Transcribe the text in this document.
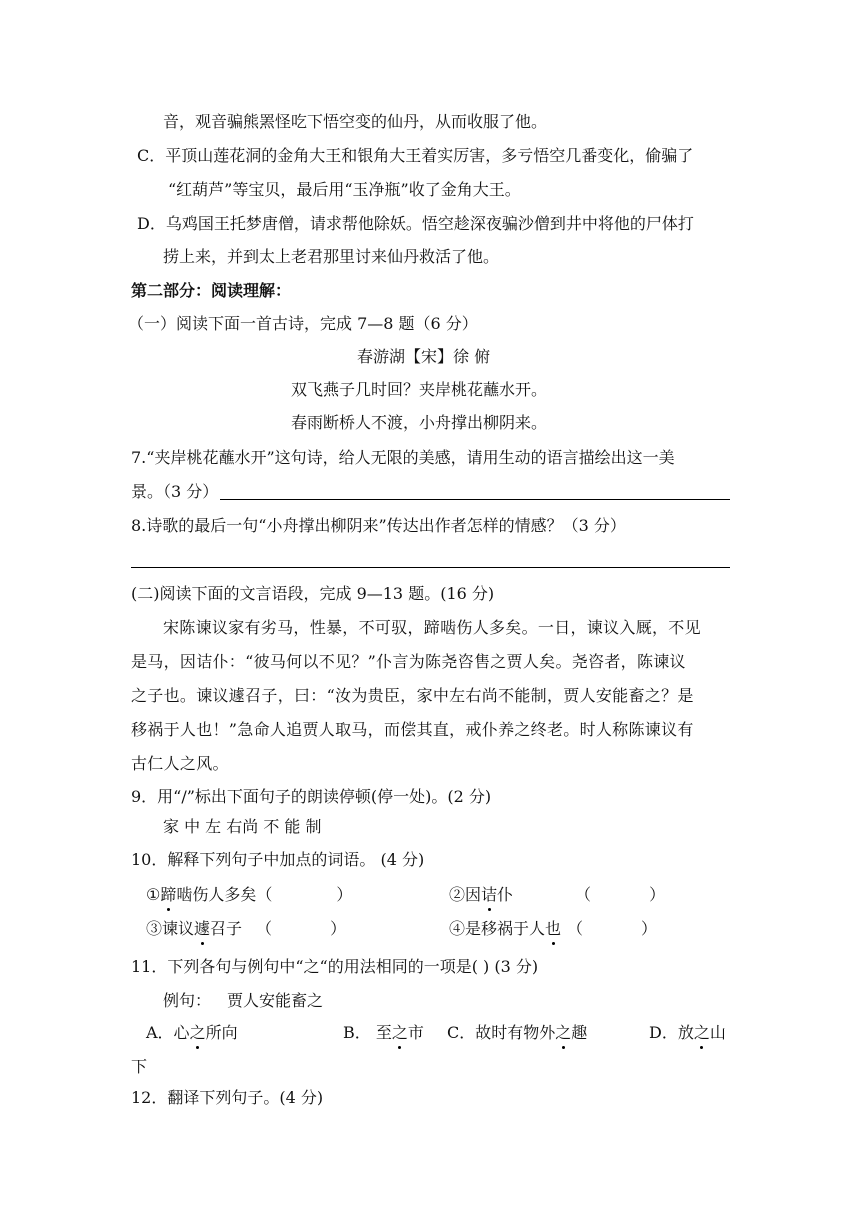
音，观音骗熊罴怪吃下悟空变的仙丹，从而收服了他。
C．平顶山莲花洞的金角大王和银角大王着实厉害，多亏悟空几番变化，偷骗了
“红葫芦”等宝贝，最后用“玉净瓶”收了金角大王。
D．乌鸡国王托梦唐僧，请求帮他除妖。悟空趁深夜骗沙僧到井中将他的尸体打
捞上来，并到太上老君那里讨来仙丹救活了他。
第二部分：阅读理解：
（一）阅读下面一首古诗，完成 7—8 题（6 分）
春游湖【宋】徐 俯
双飞燕子几时回？夹岸桃花蘸水开。
春雨断桥人不渡，小舟撑出柳阴来。
7.“夹岸桃花蘸水开”这句诗，给人无限的美感，请用生动的语言描绘出这一美
景。（3 分）
8.诗歌的最后一句“小舟撑出柳阴来”传达出作者怎样的情感？（3 分）
(二)阅读下面的文言语段，完成 9—13 题。(16 分)
宋陈谏议家有劣马，性暴，不可驭，蹄啮伤人多矣。一日，谏议入厩，不见
是马，因诘仆：“彼马何以不见？”仆言为陈尧咨售之贾人矣。尧咨者，陈谏议
之子也。谏议遽召子，曰：“汝为贵臣，家中左右尚不能制，贾人安能畜之？是
移祸于人也！”急命人追贾人取马，而偿其直，戒仆养之终老。时人称陈谏议有
古仁人之风。
9．用“/”标出下面句子的朗读停顿(停一处)。(2 分)
家 中 左 右尚 不 能 制
10．解释下列句子中加点的词语。 (4 分)
①蹄啮伤人多矣（	）	②因诘仆	（	）
③谏议遽召子 （	）	④是移祸于人也 （	）
11．下列各句与例句中“之“的用法相同的一项是( ) (3 分)
例句： 贾人安能畜之
A．心之所向	B． 至之市 C．故时有物外之趣	D．放之山
下
12．翻译下列句子。(4 分)
